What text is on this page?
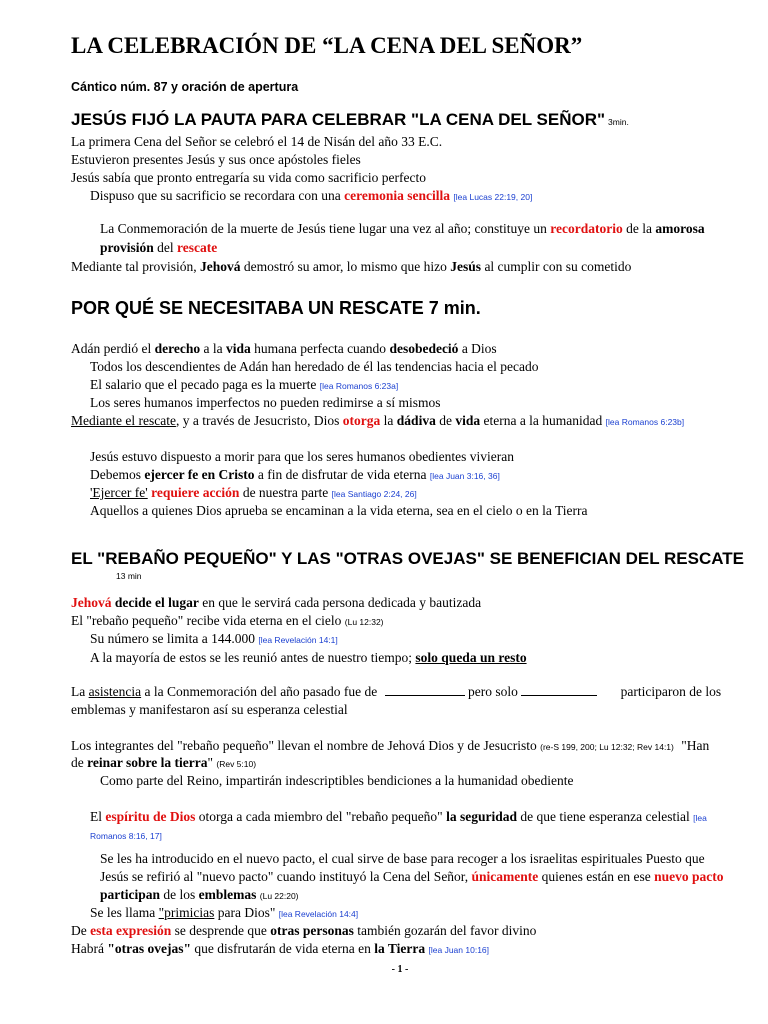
LA CELEBRACIÓN DE “LA CENA DEL SEÑOR”
Cántico núm. 87 y oración de apertura
JESÚS FIJÓ LA PAUTA PARA CELEBRAR "LA CENA DEL SEÑOR" 3min.
La primera Cena del Señor se celebró el 14 de Nisán del año 33 E.C.
Estuvieron presentes Jesús y sus once apóstoles fieles
Jesús sabía que pronto entregaría su vida como sacrificio perfecto
Dispuso que su sacrificio se recordara con una ceremonia sencilla [lea Lucas 22:19, 20]
La Conmemoración de la muerte de Jesús tiene lugar una vez al año; constituye un recordatorio de la amorosa
provisión del rescate
Mediante tal provisión, Jehová demostró su amor, lo mismo que hizo Jesús al cumplir con su cometido
POR QUÉ SE NECESITABA UN RESCATE 7 min.
Adán perdió el derecho a la vida humana perfecta cuando desobedeció a Dios
Todos los descendientes de Adán han heredado de él las tendencias hacia el pecado
El salario que el pecado paga es la muerte [lea Romanos 6:23a]
Los seres humanos imperfectos no pueden redimirse a sí mismos
Mediante el rescate, y a través de Jesucristo, Dios otorga la dádiva de vida eterna a la humanidad [lea Romanos 6:23b]
Jesús estuvo dispuesto a morir para que los seres humanos obedientes vivieran
Debemos ejercer fe en Cristo a fin de disfrutar de vida eterna [lea Juan 3:16, 36]
'Ejercer fe' requiere acción de nuestra parte [lea Santiago 2:24, 26]
Aquellos a quienes Dios aprueba se encaminan a la vida eterna, sea en el cielo o en la Tierra
EL "REBAÑO PEQUEÑO" Y LAS "OTRAS OVEJAS" SE BENEFICIAN DEL RESCATE
13 min
Jehová decide el lugar en que le servirá cada persona dedicada y bautizada
El "rebaño pequeño" recibe vida eterna en el cielo (Lu 12:32)
Su número se limita a 144.000 [lea Revelación 14:1]
A la mayoría de estos se les reunió antes de nuestro tiempo; solo queda un resto
La asistencia a la Conmemoración del año pasado fue de	pero solo	participaron de los
emblemas y manifestaron así su esperanza celestial
Los integrantes del "rebaño pequeño" llevan el nombre de Jehová Dios y de Jesucristo (re-S 199, 200; Lu 12:32; Rev 14:1) "Han
de reinar sobre la tierra" (Rev 5:10)
Como parte del Reino, impartirán indescriptibles bendiciones a la humanidad obediente
El espíritu de Dios otorga a cada miembro del "rebaño pequeño" la seguridad de que tiene esperanza celestial [lea
Romanos 8:16, 17]
Se les ha introducido en el nuevo pacto, el cual sirve de base para recoger a los israelitas espirituales Puesto que
Jesús se refirió al "nuevo pacto" cuando instituyó la Cena del Señor, únicamente quienes están en ese nuevo pacto
participan de los emblemas (Lu 22:20)
Se les llama "primicias para Dios" [lea Revelación 14:4]
De esta expresión se desprende que otras personas también gozarán del favor divino
Habrá "otras ovejas" que disfrutarán de vida eterna en la Tierra [lea Juan 10:16]
- 1 -
